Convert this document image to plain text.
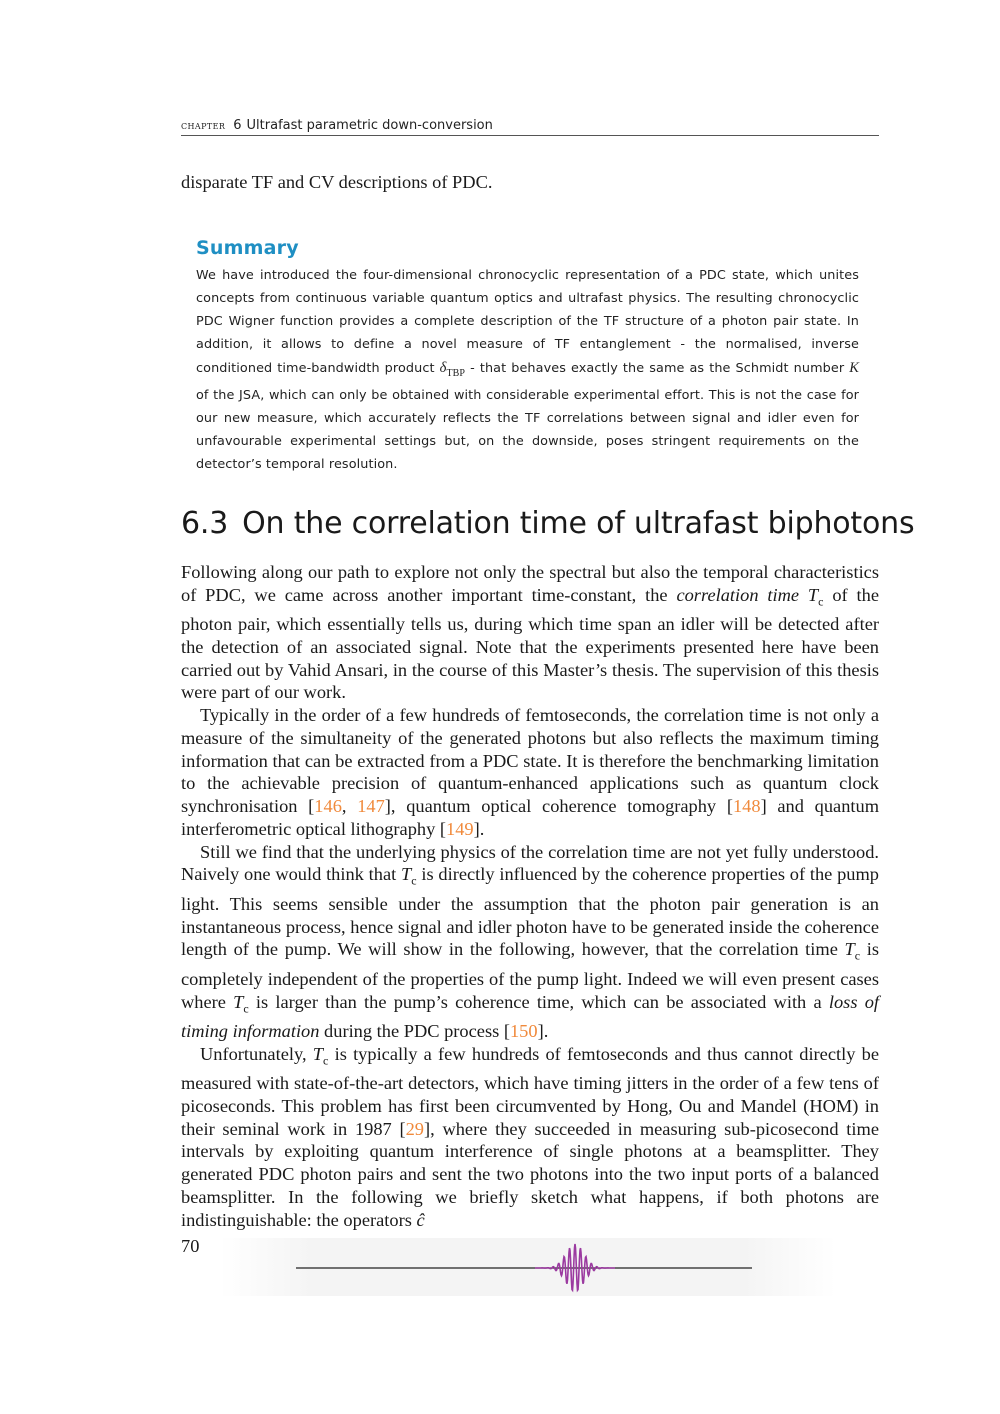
chapter 6 Ultrafast parametric down-conversion
disparate TF and CV descriptions of PDC.
Summary

We have introduced the four-dimensional chronocyclic representation of a PDC state, which unites concepts from continuous variable quantum optics and ultrafast physics. The resulting chronocyclic PDC Wigner function provides a complete description of the TF structure of a photon pair state. In addition, it allows to define a novel measure of TF entanglement - the normalised, inverse conditioned time-bandwidth product $\delta_{TBP}$ - that behaves exactly the same as the Schmidt number K of the JSA, which can only be obtained with considerable experimental effort. This is not the case for our new measure, which accurately reflects the TF correlations between signal and idler even for unfavourable experimental settings but, on the downside, poses stringent requirements on the detector’s temporal resolution.

6.3 On the correlation time of ultrafast biphotons

Following along our path to explore not only the spectral but also the temporal characteristics of PDC, we came across another important time-constant, the correlation time $T_c$ of the photon pair, which essentially tells us, during which time span an idler will be detected after the detection of an associated signal. Note that the experiments presented here have been carried out by Vahid Ansari, in the course of this Master’s thesis. The supervision of this thesis were part of our work.

Typically in the order of a few hundreds of femtoseconds, the correlation time is not only a measure of the simultaneity of the generated photons but also reflects the maximum timing information that can be extracted from a PDC state. It is therefore the benchmarking limitation to the achievable precision of quantum-enhanced applications such as quantum clock synchronisation [146, 147], quantum optical coherence tomography [148] and quantum interferometric optical lithography [149].

Still we find that the underlying physics of the correlation time are not yet fully understood. Naively one would think that $T_c$ is directly influenced by the coherence properties of the pump light. This seems sensible under the assumption that the photon pair generation is an instantaneous process, hence signal and idler photon have to be generated inside the coherence length of the pump. We will show in the following, however, that the correlation time $T_c$ is completely independent of the properties of the pump light. Indeed we will even present cases where $T_c$ is larger than the pump’s coherence time, which can be associated with a loss of timing information during the PDC process [150].

Unfortunately, $T_c$ is typically a few hundreds of femtoseconds and thus cannot directly be measured with state-of-the-art detectors, which have timing jitters in the order of a few tens of picoseconds. This problem has first been circumvented by Hong, Ou and Mandel (HOM) in their seminal work in 1987 [29], where they succeeded in measuring sub-picosecond time intervals by exploiting quantum interference of single photons at a beamsplitter. They generated PDC photon pairs and sent the two photons into the two input ports of a balanced beamsplitter. In the following we briefly sketch what happens, if both photons are indistinguishable: the operators ĉ

70
